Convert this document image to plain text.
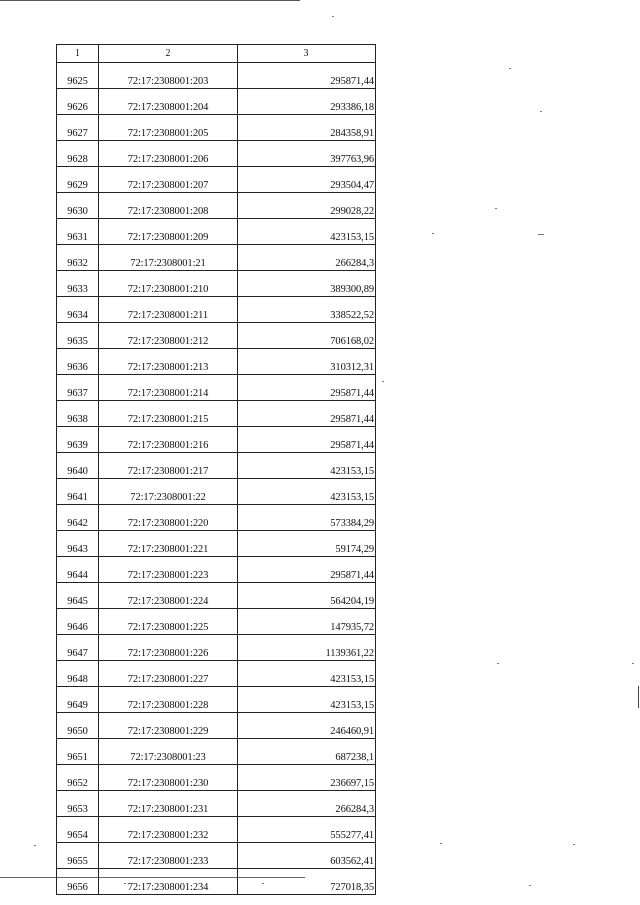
1	2	3
9625	72:17:2308001:203	295871,44
9626	72:17:2308001:204	293386,18
9627	72:17:2308001:205	284358,91
9628	72:17:2308001:206	397763,96
9629	72:17:2308001:207	293504,47
9630	72:17:2308001:208	299028,22
9631	72:17:2308001:209	423153,15
9632	72:17:2308001:21	266284,3
9633	72:17:2308001:210	389300,89
9634	72:17:2308001:211	338522,52
9635	72:17:2308001:212	706168,02
9636	72:17:2308001:213	310312,31
9637	72:17:2308001:214	295871,44
9638	72:17:2308001:215	295871,44
9639	72:17:2308001:216	295871,44
9640	72:17:2308001:217	423153,15
9641	72:17:2308001:22	423153,15
9642	72:17:2308001:220	573384,29
9643	72:17:2308001:221	59174,29
9644	72:17:2308001:223	295871,44
9645	72:17:2308001:224	564204,19
9646	72:17:2308001:225	147935,72
9647	72:17:2308001:226	1139361,22
9648	72:17:2308001:227	423153,15
9649	72:17:2308001:228	423153,15
9650	72:17:2308001:229	246460,91
9651	72:17:2308001:23	687238,1
9652	72:17:2308001:230	236697,15
9653	72:17:2308001:231	266284,3
9654	72:17:2308001:232	555277,41
9655	72:17:2308001:233	603562,41
9656	72:17:2308001:234	727018,35
